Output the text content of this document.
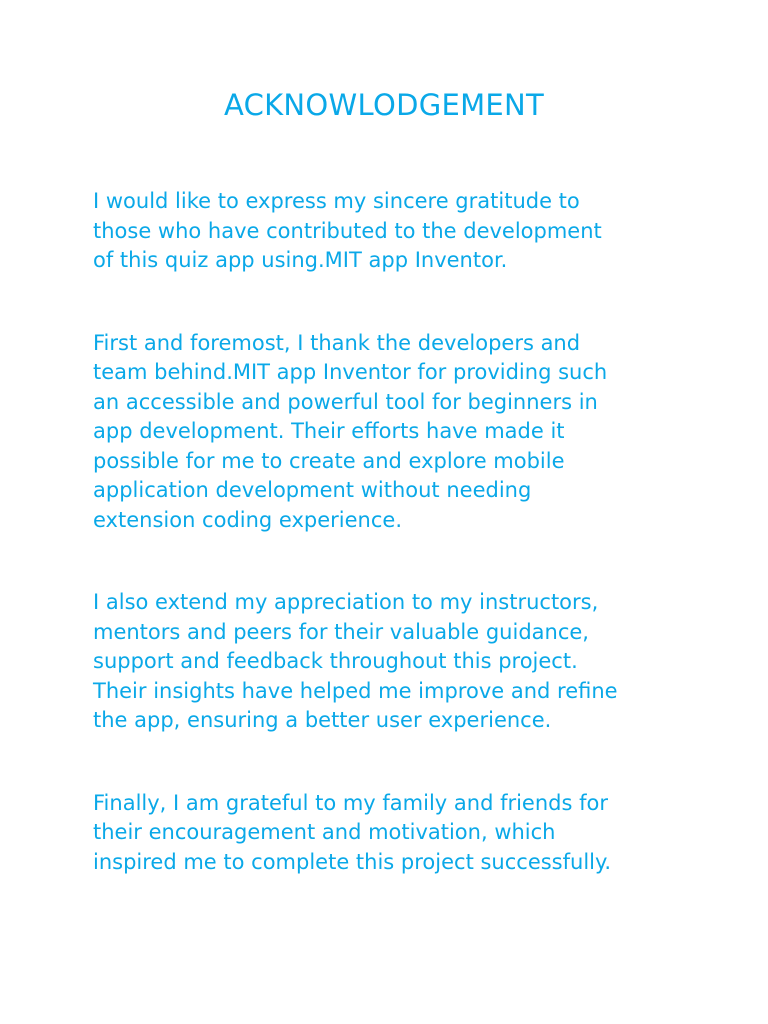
ACKNOWLODGEMENT

I would like to express my sincere gratitude to
those who have contributed to the development
of this quiz app using.MIT app Inventor.

First and foremost, I thank the developers and
team behind.MIT app Inventor for providing such
an accessible and powerful tool for beginners in
app development. Their efforts have made it
possible for me to create and explore mobile
application development without needing
extension coding experience.

I also extend my appreciation to my instructors,
mentors and peers for their valuable guidance,
support and feedback throughout this project.
Their insights have helped me improve and refine
the app, ensuring a better user experience.

Finally, I am grateful to my family and friends for
their encouragement and motivation, which
inspired me to complete this project successfully.
